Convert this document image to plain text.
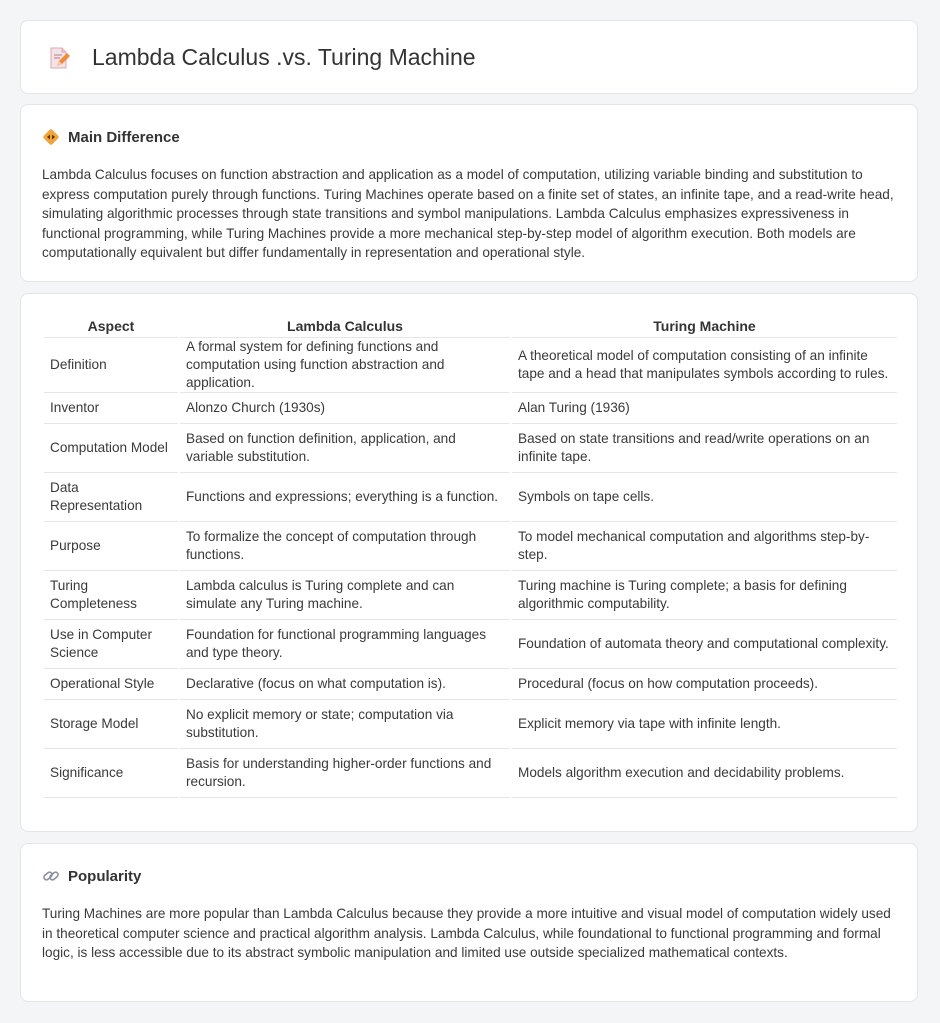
Lambda Calculus .vs. Turing Machine
Main Difference

Lambda Calculus focuses on function abstraction and application as a model of computation, utilizing variable binding and substitution to express computation purely through functions. Turing Machines operate based on a finite set of states, an infinite tape, and a read-write head, simulating algorithmic processes through state transitions and symbol manipulations. Lambda Calculus emphasizes expressiveness in functional programming, while Turing Machines provide a more mechanical step-by-step model of algorithm execution. Both models are computationally equivalent but differ fundamentally in representation and operational style.

Aspect	Lambda Calculus	Turing Machine
Definition	A formal system for defining functions and computation using function abstraction and application.	A theoretical model of computation consisting of an infinite tape and a head that manipulates symbols according to rules.
Inventor	Alonzo Church (1930s)	Alan Turing (1936)
Computation Model	Based on function definition, application, and variable substitution.	Based on state transitions and read/write operations on an infinite tape.
Data Representation	Functions and expressions; everything is a function.	Symbols on tape cells.
Purpose	To formalize the concept of computation through functions.	To model mechanical computation and algorithms step-by-step.
Turing Completeness	Lambda calculus is Turing complete and can simulate any Turing machine.	Turing machine is Turing complete; a basis for defining algorithmic computability.
Use in Computer Science	Foundation for functional programming languages and type theory.	Foundation of automata theory and computational complexity.
Operational Style	Declarative (focus on what computation is).	Procedural (focus on how computation proceeds).
Storage Model	No explicit memory or state; computation via substitution.	Explicit memory via tape with infinite length.
Significance	Basis for understanding higher-order functions and recursion.	Models algorithm execution and decidability problems.
Popularity

Turing Machines are more popular than Lambda Calculus because they provide a more intuitive and visual model of computation widely used in theoretical computer science and practical algorithm analysis. Lambda Calculus, while foundational to functional programming and formal logic, is less accessible due to its abstract symbolic manipulation and limited use outside specialized mathematical contexts.
